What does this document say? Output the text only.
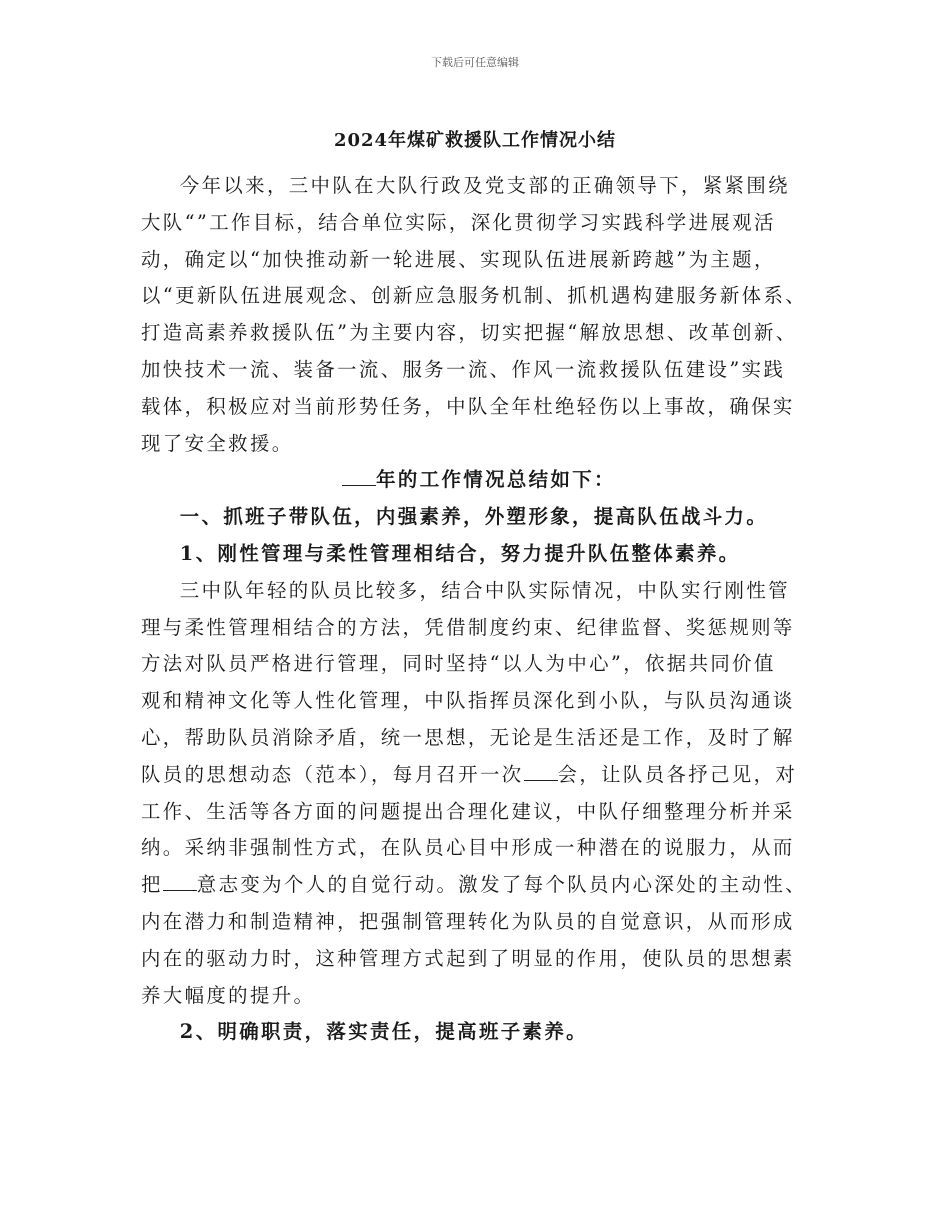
下载后可任意编辑
2024年煤矿救援队工作情况小结

今年以来，三中队在大队行政及党支部的正确领导下，紧紧围绕
大队“”工作目标，结合单位实际，深化贯彻学习实践科学进展观活
动，确定以“加快推动新一轮进展、实现队伍进展新跨越”为主题，
以“更新队伍进展观念、创新应急服务机制、抓机遇构建服务新体系、
打造高素养救援队伍”为主要内容，切实把握“解放思想、改革创新、
加快技术一流、装备一流、服务一流、作风一流救援队伍建设”实践
载体，积极应对当前形势任务，中队全年杜绝轻伤以上事故，确保实
现了安全救援。

年的工作情况总结如下：

一、抓班子带队伍，内强素养，外塑形象，提高队伍战斗力。

1、刚性管理与柔性管理相结合，努力提升队伍整体素养。

三中队年轻的队员比较多，结合中队实际情况，中队实行刚性管
理与柔性管理相结合的方法，凭借制度约束、纪律监督、奖惩规则等
方法对队员严格进行管理，同时坚持“以人为中心”，依据共同价值
观和精神文化等人性化管理，中队指挥员深化到小队，与队员沟通谈
心，帮助队员消除矛盾，统一思想，无论是生活还是工作，及时了解
队员的思想动态（范本），每月召开一次 会，让队员各抒己见，对
工作、生活等各方面的问题提出合理化建议，中队仔细整理分析并采
纳。采纳非强制性方式，在队员心目中形成一种潜在的说服力，从而
把 意志变为个人的自觉行动。激发了每个队员内心深处的主动性、
内在潜力和制造精神，把强制管理转化为队员的自觉意识，从而形成
内在的驱动力时，这种管理方式起到了明显的作用，使队员的思想素
养大幅度的提升。

2、明确职责，落实责任，提高班子素养。
